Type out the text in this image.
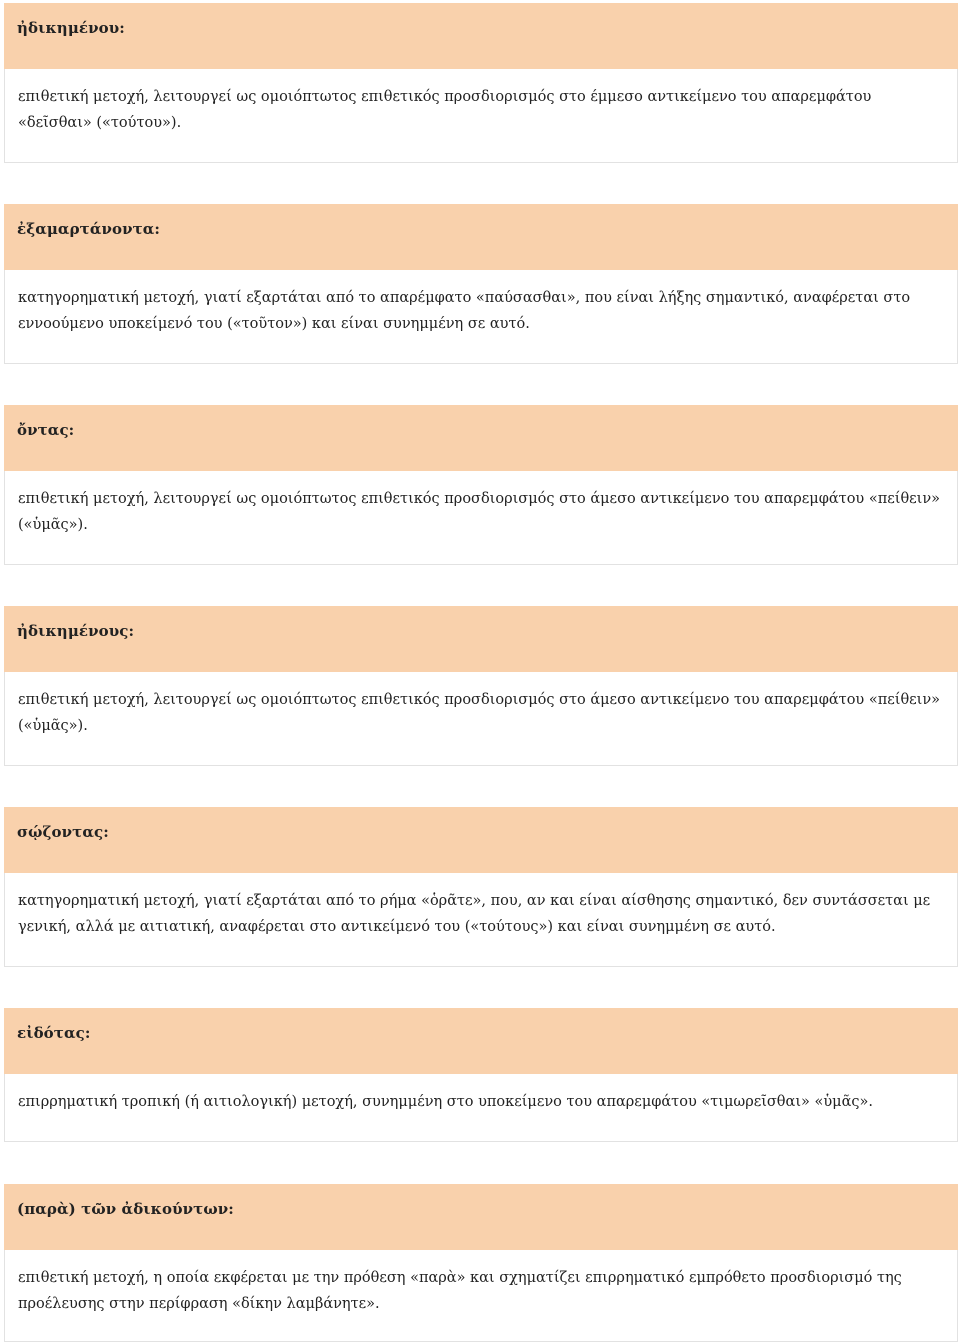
ἠδικημένου:
επιθετική μετοχή, λειτουργεί ως ομοιόπτωτος επιθετικός προσδιορισμός στο έμμεσο αντικείμενο του απαρεμφάτου «δεῖσθαι» («τούτου»).
ἐξαμαρτάνοντα:
κατηγορηματική μετοχή, γιατί εξαρτάται από το απαρέμφατο «παύσασθαι», που είναι λήξης σημαντικό, αναφέρεται στο εννοούμενο υποκείμενό του («τοῦτον») και είναι συνημμένη σε αυτό.
ὄντας:
επιθετική μετοχή, λειτουργεί ως ομοιόπτωτος επιθετικός προσδιορισμός στο άμεσο αντικείμενο του απαρεμφάτου «πείθειν» («ὑμᾶς»).
ἠδικημένους:
επιθετική μετοχή, λειτουργεί ως ομοιόπτωτος επιθετικός προσδιορισμός στο άμεσο αντικείμενο του απαρεμφάτου «πείθειν» («ὑμᾶς»).
σῴζοντας:
κατηγορηματική μετοχή, γιατί εξαρτάται από το ρήμα «ὁρᾶτε», που, αν και είναι αίσθησης σημαντικό, δεν συντάσσεται με γενική, αλλά με αιτιατική, αναφέρεται στο αντικείμενό του («τούτους») και είναι συνημμένη σε αυτό.
εἰδότας:
επιρρηματική τροπική (ή αιτιολογική) μετοχή, συνημμένη στο υποκείμενο του απαρεμφάτου «τιμωρεῖσθαι» «ὑμᾶς».
(παρὰ) τῶν ἀδικούντων:
επιθετική μετοχή, η οποία εκφέρεται με την πρόθεση «παρὰ» και σχηματίζει επιρρηματικό εμπρόθετο προσδιορισμό της προέλευσης στην περίφραση «δίκην λαμβάνητε».
